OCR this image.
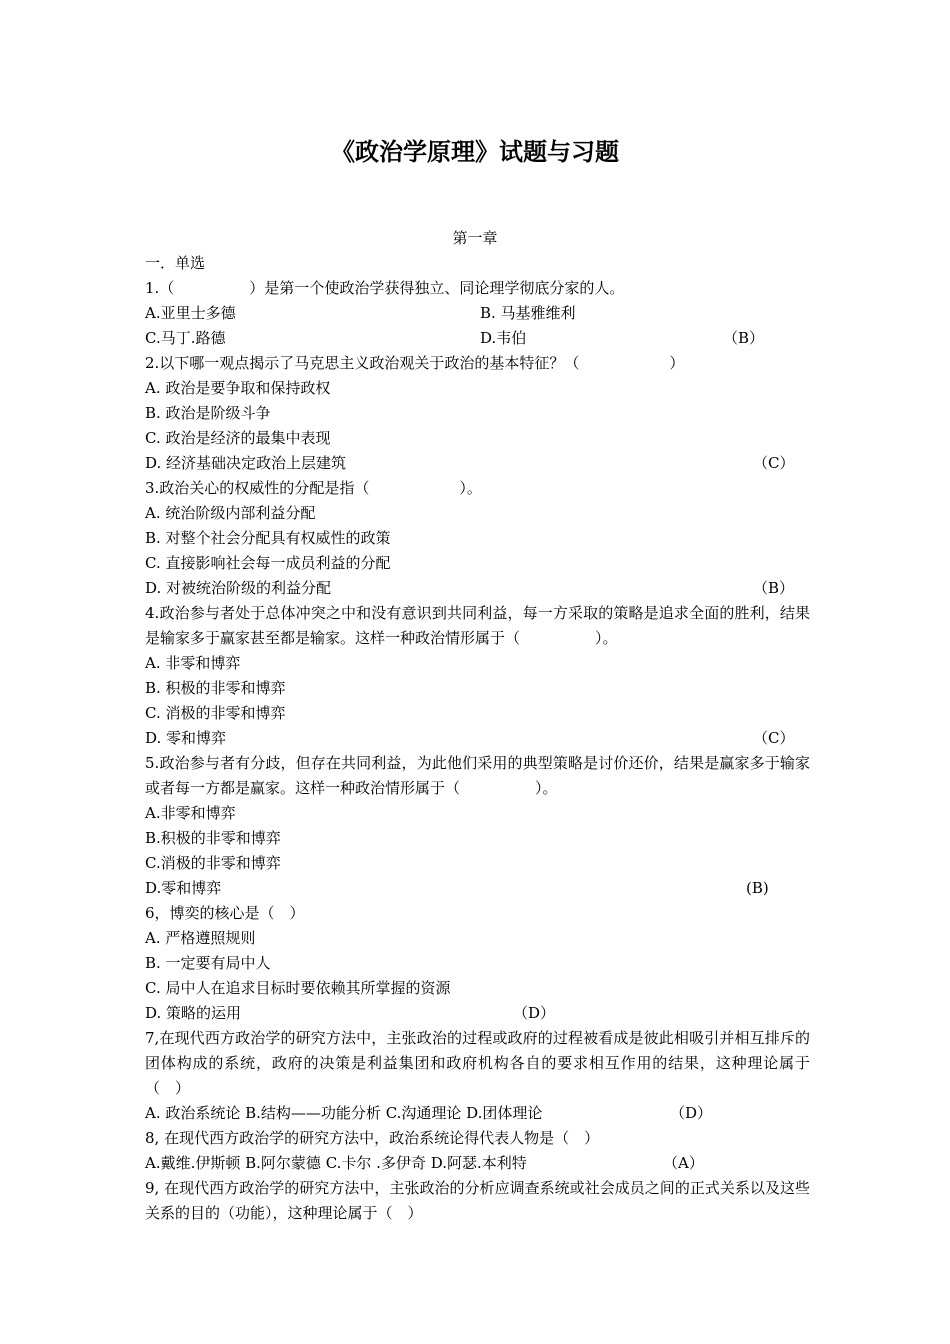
《政治学原理》试题与习题
第一章
一．单选
1.（　　　　　）是第一个使政治学获得独立、同论理学彻底分家的人。
A.亚里士多德	B. 马基雅维利
C.马丁.路德	D.韦伯	（B）
2.以下哪一观点揭示了马克思主义政治观关于政治的基本特征？（　　　　　　）
A. 政治是要争取和保持政权
B. 政治是阶级斗争
C. 政治是经济的最集中表现
D. 经济基础决定政治上层建筑	（C）
3.政治关心的权威性的分配是指（　　　　　　）。
A. 统治阶级内部利益分配
B. 对整个社会分配具有权威性的政策
C. 直接影响社会每一成员利益的分配
D. 对被统治阶级的利益分配	（B）
4.政治参与者处于总体冲突之中和没有意识到共同利益，每一方采取的策略是追求全面的胜利，结果是输家多于赢家甚至都是输家。这样一种政治情形属于（　　　　　）。
A. 非零和博弈
B. 积极的非零和博弈
C. 消极的非零和博弈
D. 零和博弈	（C）
5.政治参与者有分歧，但存在共同利益，为此他们采用的典型策略是讨价还价，结果是赢家多于输家或者每一方都是赢家。这样一种政治情形属于（　　　　　）。
A.非零和博弈
B.积极的非零和博弈
C.消极的非零和博弈
D.零和博弈	(B)
6，博奕的核心是（　）
A. 严格遵照规则
B. 一定要有局中人
C. 局中人在追求目标时要依赖其所掌握的资源
D. 策略的运用	（D）
7,在现代西方政治学的研究方法中，主张政治的过程或政府的过程被看成是彼此相吸引并相互排斥的团体构成的系统，政府的决策是利益集团和政府机构各自的要求相互作用的结果，这种理论属于（　）
A. 政治系统论 B.结构——功能分析 C.沟通理论 D.团体理论	（D）
8, 在现代西方政治学的研究方法中，政治系统论得代表人物是（　）
A.戴维.伊斯顿 B.阿尔蒙德 C.卡尔 .多伊奇 D.阿瑟.本利特	（A）
9, 在现代西方政治学的研究方法中，主张政治的分析应调查系统或社会成员之间的正式关系以及这些关系的目的（功能），这种理论属于（　）
